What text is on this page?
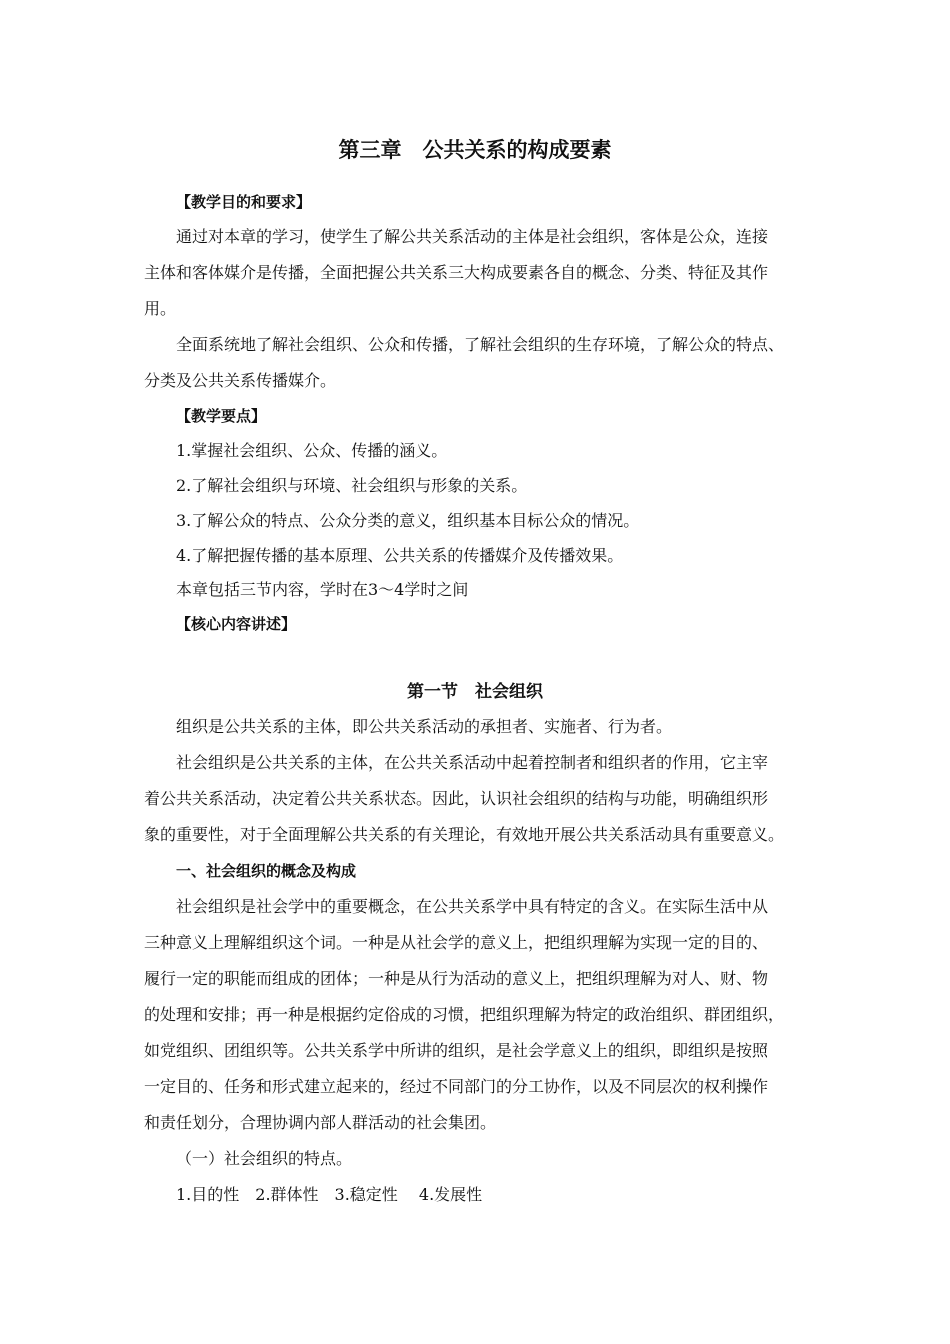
第三章　公共关系的构成要素
【教学目的和要求】
通过对本章的学习，使学生了解公共关系活动的主体是社会组织，客体是公众，连接
主体和客体媒介是传播，全面把握公共关系三大构成要素各自的概念、分类、特征及其作
用。
全面系统地了解社会组织、公众和传播，了解社会组织的生存环境，了解公众的特点、
分类及公共关系传播媒介。
【教学要点】
1.掌握社会组织、公众、传播的涵义。
2.了解社会组织与环境、社会组织与形象的关系。
3.了解公众的特点、公众分类的意义，组织基本目标公众的情况。
4.了解把握传播的基本原理、公共关系的传播媒介及传播效果。
本章包括三节内容，学时在3～4学时之间
【核心内容讲述】
第一节　社会组织
组织是公共关系的主体，即公共关系活动的承担者、实施者、行为者。
社会组织是公共关系的主体，在公共关系活动中起着控制者和组织者的作用，它主宰
着公共关系活动，决定着公共关系状态。因此，认识社会组织的结构与功能，明确组织形
象的重要性，对于全面理解公共关系的有关理论，有效地开展公共关系活动具有重要意义。
一、社会组织的概念及构成
社会组织是社会学中的重要概念，在公共关系学中具有特定的含义。在实际生活中从
三种意义上理解组织这个词。一种是从社会学的意义上，把组织理解为实现一定的目的、
履行一定的职能而组成的团体；一种是从行为活动的意义上，把组织理解为对人、财、物
的处理和安排；再一种是根据约定俗成的习惯，把组织理解为特定的政治组织、群团组织，
如党组织、团组织等。公共关系学中所讲的组织，是社会学意义上的组织，即组织是按照
一定目的、任务和形式建立起来的，经过不同部门的分工协作，以及不同层次的权利操作
和责任划分，合理协调内部人群活动的社会集团。
（一）社会组织的特点。
1.目的性　2.群体性　3.稳定性　 4.发展性
